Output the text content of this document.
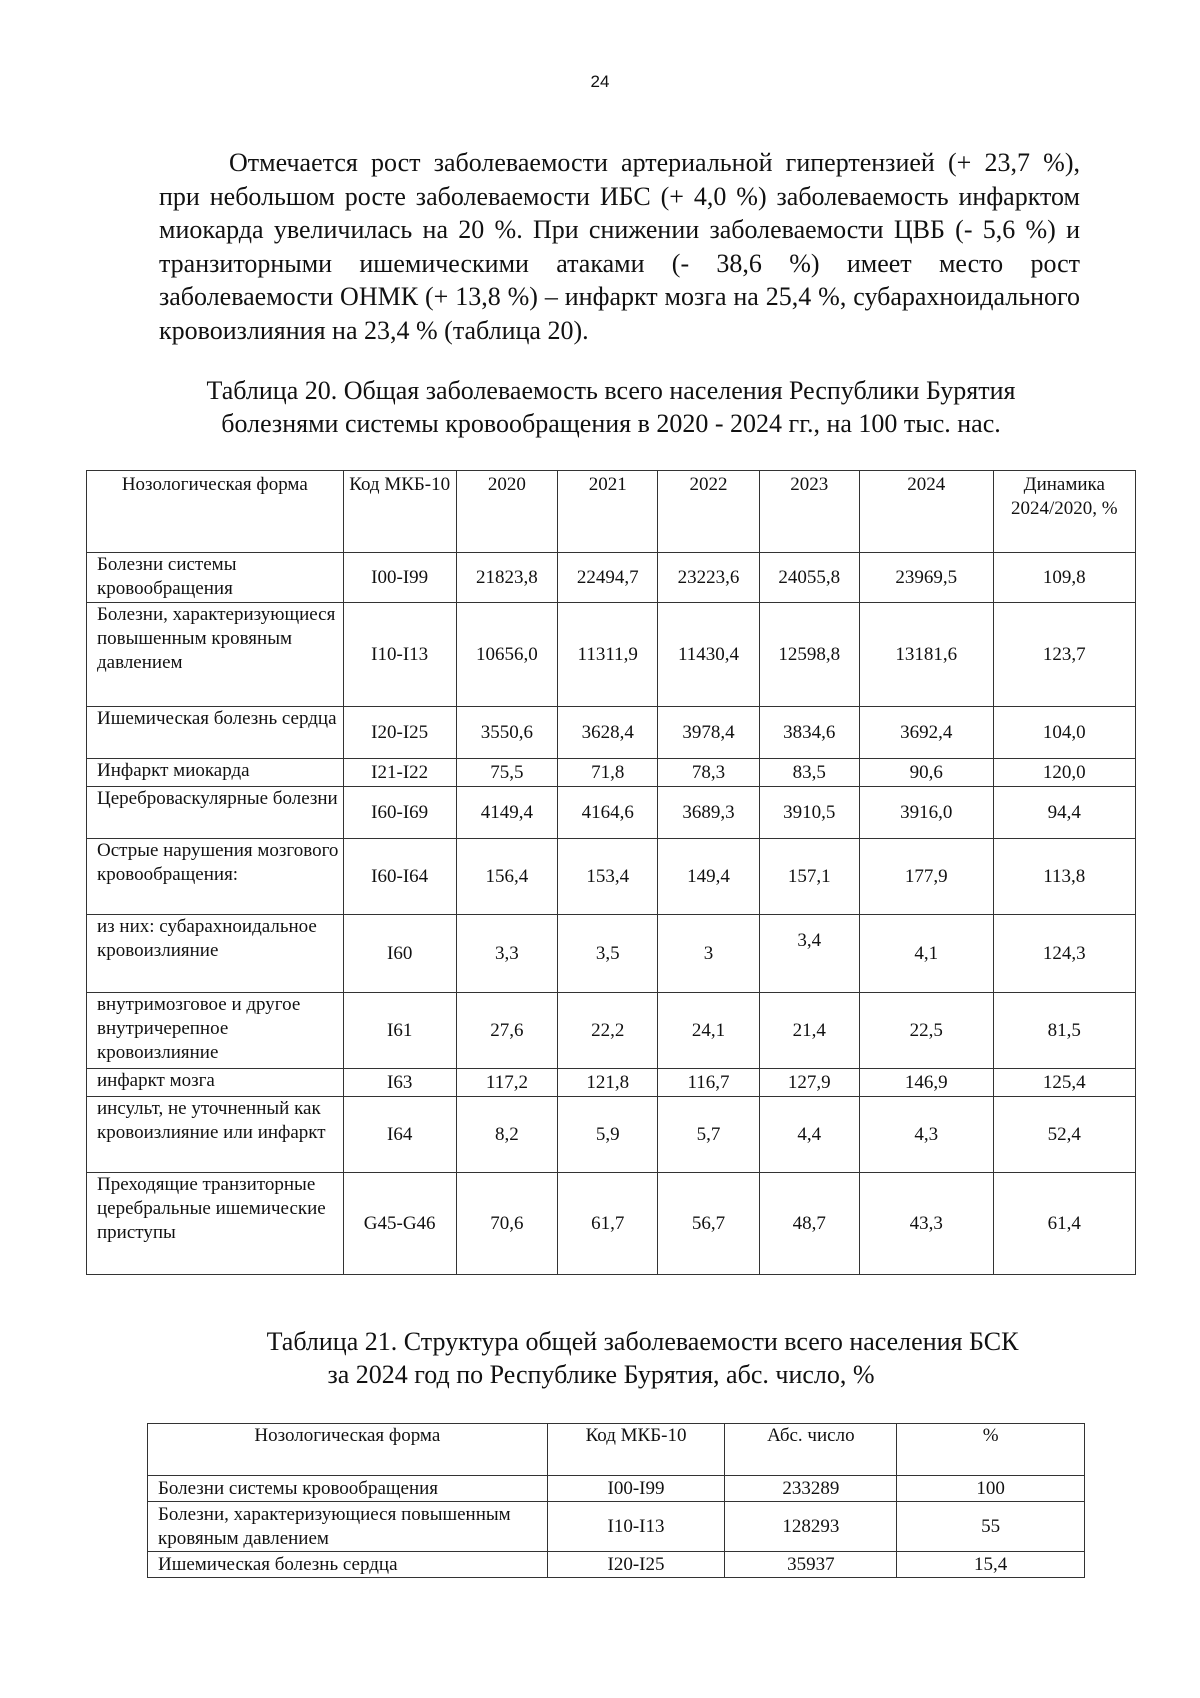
24

Отмечается рост заболеваемости артериальной гипертензией (+ 23,7 %), при небольшом росте заболеваемости ИБС (+ 4,0 %) заболеваемость инфарктом миокарда увеличилась на 20 %. При снижении заболеваемости ЦВБ (- 5,6 %) и транзиторными ишемическими атаками (- 38,6 %) имеет место рост заболеваемости ОНМК (+ 13,8 %) – инфаркт мозга на 25,4 %, субарахноидального кровоизлияния на 23,4 % (таблица 20).

Таблица 20. Общая заболеваемость всего населения Республики Бурятия
болезнями системы кровообращения в 2020 - 2024 гг., на 100 тыс. нас.

Нозологическая форма	Код МКБ-10	2020	2021	2022	2023	2024	Динамика 2024/2020, %
Болезни системы кровообращения	I00-I99	21823,8	22494,7	23223,6	24055,8	23969,5	109,8
Болезни, характеризующиеся повышенным кровяным давлением	I10-I13	10656,0	11311,9	11430,4	12598,8	13181,6	123,7
Ишемическая болезнь сердца	I20-I25	3550,6	3628,4	3978,4	3834,6	3692,4	104,0
Инфаркт миокарда	I21-I22	75,5	71,8	78,3	83,5	90,6	120,0
Цереброваскулярные болезни	I60-I69	4149,4	4164,6	3689,3	3910,5	3916,0	94,4
Острые нарушения мозгового кровообращения:	I60-I64	156,4	153,4	149,4	157,1	177,9	113,8
из них: субарахноидальное кровоизлияние	I60	3,3	3,5	3	3,4	4,1	124,3
внутримозговое и другое внутричерепное кровоизлияние	I61	27,6	22,2	24,1	21,4	22,5	81,5
инфаркт мозга	I63	117,2	121,8	116,7	127,9	146,9	125,4
инсульт, не уточненный как кровоизлияние или инфаркт	I64	8,2	5,9	5,7	4,4	4,3	52,4
Преходящие транзиторные церебральные ишемические приступы	G45-G46	70,6	61,7	56,7	48,7	43,3	61,4

Таблица 21. Структура общей заболеваемости всего населения БСК
за 2024 год по Республике Бурятия, абс. число, %

Нозологическая форма	Код МКБ-10	Абс. число	%
Болезни системы кровообращения	I00-I99	233289	100
Болезни, характеризующиеся повышенным кровяным давлением	I10-I13	128293	55
Ишемическая болезнь сердца	I20-I25	35937	15,4
